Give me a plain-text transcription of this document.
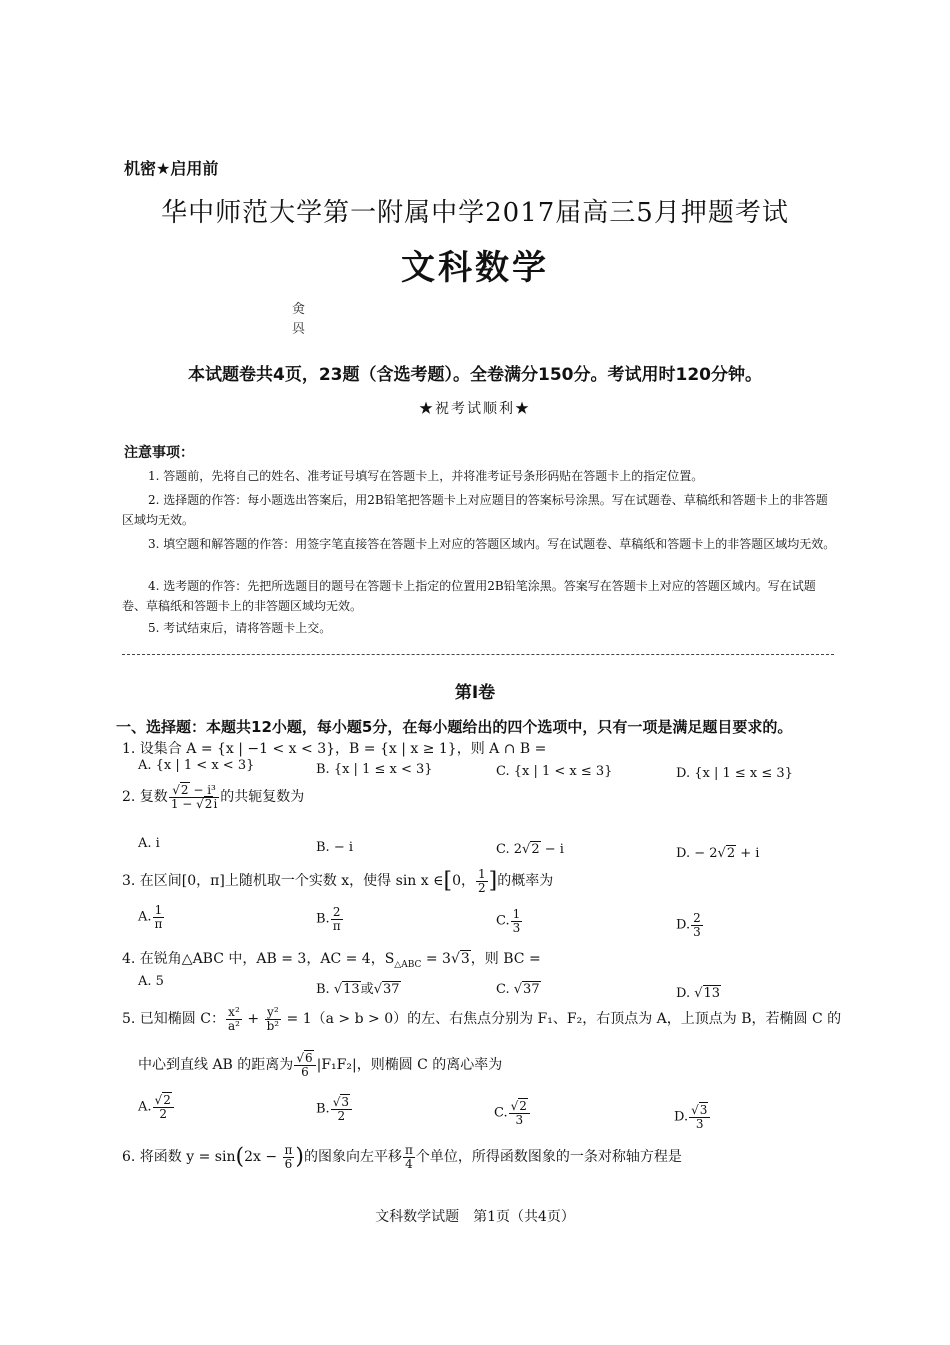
机密★启用前
华中师范大学第一附属中学2017届高三5月押题考试
文科数学
㑒 㒷
本试题卷共4页，23题（含选考题）。全卷满分150分。考试用时120分钟。
★祝考试顺利★
注意事项：
1. 答题前，先将自己的姓名、准考证号填写在答题卡上，并将准考证号条形码贴在答题卡上的指定位置。
2. 选择题的作答：每小题选出答案后，用2B铅笔把答题卡上对应题目的答案标号涂黑。写在试题卷、草稿纸和答题卡上的非答题区域均无效。
3. 填空题和解答题的作答：用签字笔直接答在答题卡上对应的答题区域内。写在试题卷、草稿纸和答题卡上的非答题区域均无效。
4. 选考题的作答：先把所选题目的题号在答题卡上指定的位置用2B铅笔涂黑。答案写在答题卡上对应的答题区域内。写在试题卷、草稿纸和答题卡上的非答题区域均无效。
5. 考试结束后，请将答题卡上交。
第Ⅰ卷
一、选择题：本题共12小题，每小题5分，在每小题给出的四个选项中，只有一项是满足题目要求的。
1. 设集合 A = {x | −1 < x < 3}，B = {x | x ≥ 1}，则 A ∩ B =
A. {x | 1 < x < 3}	B. {x | 1 ≤ x < 3}	C. {x | 1 < x ≤ 3}	D. {x | 1 ≤ x ≤ 3}
2. 复数 $\frac{\text{√2 − i³}}{1 - √2i}$ 的共轭复数为
A. i	B. − i	C. 2√2 − i	D. − 2√2 + i
3. 在区间[0，π]上随机取一个实数 x，使得 sin x ∈[0， $\frac{1}{2}$ ]的概率为
A. $\frac{1}{\pi}$	B. $\frac{2}{\pi}$	C. $\frac{1}{3}$	D. $\frac{2}{3}$
4. 在锐角△ABC 中，AB = 3，AC = 4，$S_{\triangle ABC} = 3√3$，则 BC =
A. 5
B. √13或√37	C. √37	D. √13
5. 已知椭圆 C： $\frac{\text{x²}}{\text{a²}} + \frac{\text{y²}}{\text{b²}} = 1(a > b > 0)$的左、右焦点分别为 F₁、F₂，右顶点为 A，上顶点为 B，若椭圆 C 的
中心到直线 AB 的距离为 $\frac{√6}{6} |F_1F_2|$，则椭圆 C 的离心率为
A. $\frac{√2}{2}$	B. $\frac{√3}{2}$	C. $\frac{√2}{3}$	D. $\frac{√3}{3}$
6. 将函数 $y = \sin(2x - \frac{\pi}{6}$ )的图象向左平移 $\frac{\pi}{4}$ 个单位，所得函数图象的一条对称轴方程是
文科数学试题　第1页（共4页）
